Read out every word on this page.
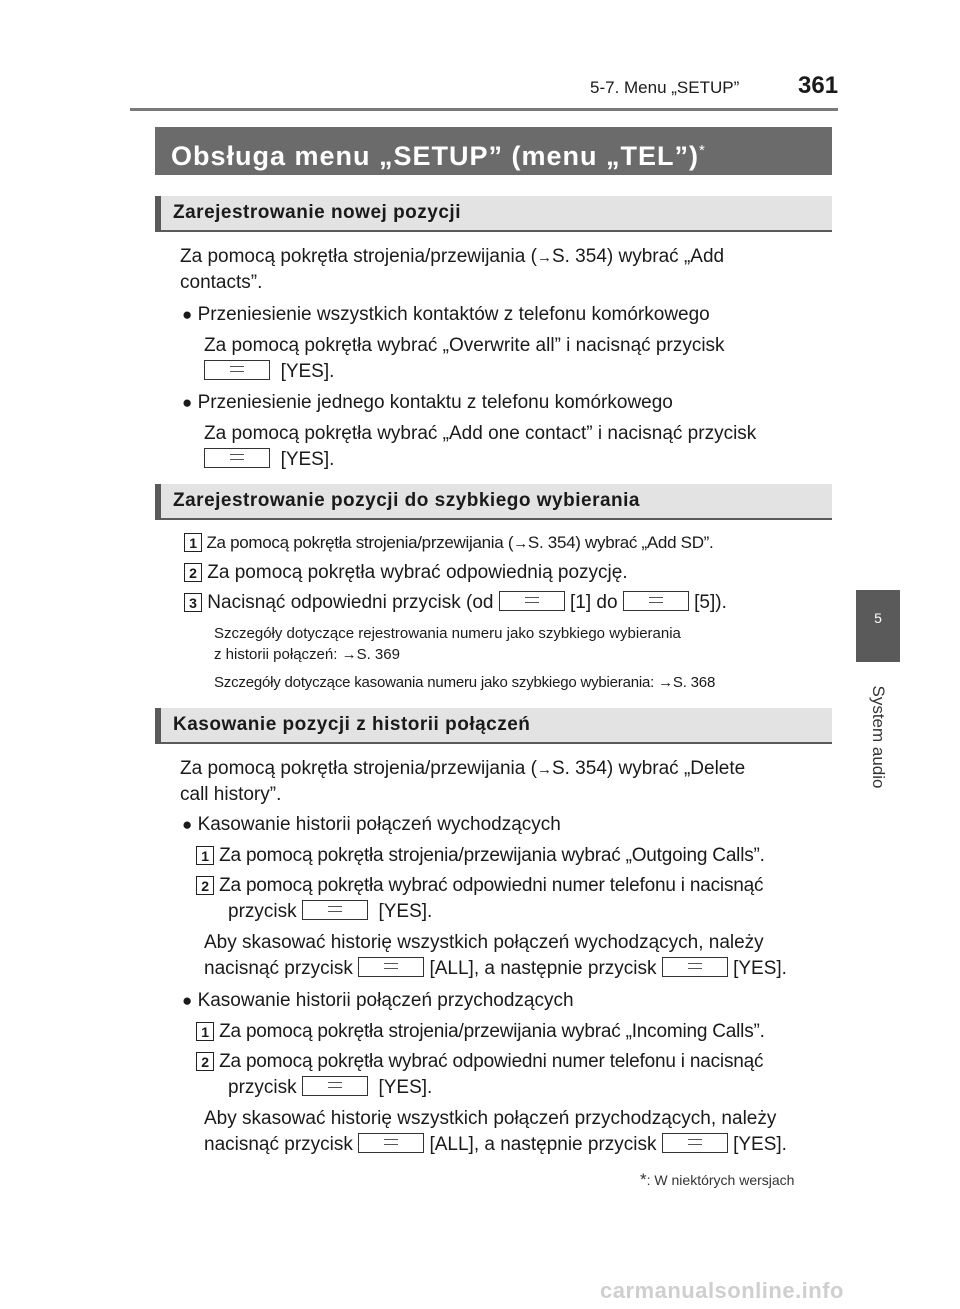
5-7. Menu „SETUP” 361
5
System audio
Obsługa menu „SETUP” (menu „TEL”)*
Zarejestrowanie nowej pozycji
Za pomocą pokrętła strojenia/przewijania (→S. 354) wybrać „Add
contacts”.
● Przeniesienie wszystkich kontaktów z telefonu komórkowego
Za pomocą pokrętła wybrać „Overwrite all” i nacisnąć przycisk
[YES].
● Przeniesienie jednego kontaktu z telefonu komórkowego
Za pomocą pokrętła wybrać „Add one contact” i nacisnąć przycisk
[YES].
Zarejestrowanie pozycji do szybkiego wybierania
1 Za pomocą pokrętła strojenia/przewijania (→S. 354) wybrać „Add SD”.
2 Za pomocą pokrętła wybrać odpowiednią pozycję.
3 Nacisnąć odpowiedni przycisk (od	[1] do	[5]).
Szczegóły dotyczące rejestrowania numeru jako szybkiego wybierania
z historii połączeń: →S. 369
Szczegóły dotyczące kasowania numeru jako szybkiego wybierania: →S. 368
Kasowanie pozycji z historii połączeń
Za pomocą pokrętła strojenia/przewijania (→S. 354) wybrać „Delete
call history”.
● Kasowanie historii połączeń wychodzących
1 Za pomocą pokrętła strojenia/przewijania wybrać „Outgoing Calls”.
2 Za pomocą pokrętła wybrać odpowiedni numer telefonu i nacisnąć
przycisk	[YES].
Aby skasować historię wszystkich połączeń wychodzących, należy
nacisnąć przycisk	[ALL], a następnie przycisk	[YES].
● Kasowanie historii połączeń przychodzących
1 Za pomocą pokrętła strojenia/przewijania wybrać „Incoming Calls”.
2 Za pomocą pokrętła wybrać odpowiedni numer telefonu i nacisnąć
przycisk	[YES].
Aby skasować historię wszystkich połączeń przychodzących, należy
nacisnąć przycisk	[ALL], a następnie przycisk	[YES].
*: W niektórych wersjach
carmanualsonline.info
